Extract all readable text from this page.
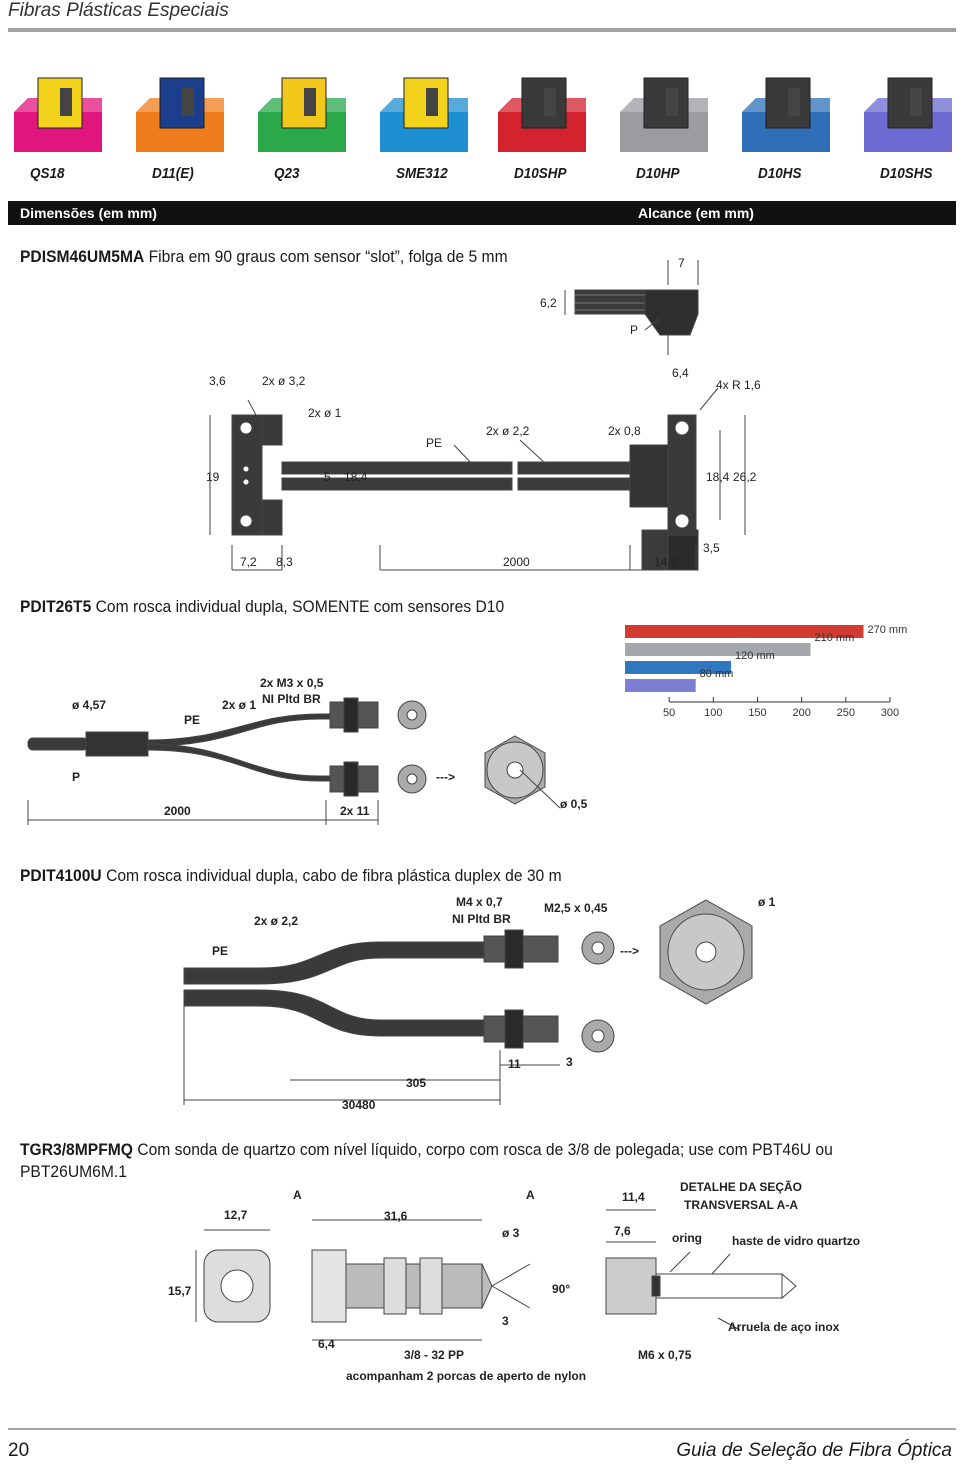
Fibras Plásticas Especiais
QS18	D11(E)	Q23	SME312	D10SHP	D10HP	D10HS	D10SHS
Dimensões (em mm)	Alcance (em mm)
PDISM46UM5MA Fibra em 90 graus com sensor “slot”, folga de 5 mm	7
6,2
P
3,6	2x ø 3,2
6,4
4x R 1,6
2x ø 1
PE
2x ø 2,2	2x 0,8
19	5 18,4	18,4 26,2
7,2 8,3	2000	14,5
3,5
PDIT26T5 Com rosca individual dupla, SOMENTE com sensores D10
ø 4,57
PE
2x ø 1
2x M3 x 0,5
NI Pltd BR
P	--->
2000	2x 11	ø 0,5
270 mm
210 mm
120 mm
80 mm
50	100 150 200 250 300
PDIT4100U Com rosca individual dupla, cabo de fibra plástica duplex de 30 m
2x ø 2,2
M4 x 0,7
NI Pltd BR
M2,5 x 0,45	ø 1
PE	--->
11	3
305
30480
TGR3/8MPFMQ Com sonda de quartzo com nível líquido, corpo com rosca de 3/8 de polegada; use com PBT46U ou
PBT26UM6M.1
A	A
12,7	31,6
ø 3
11,4
DETALHE DA SEÇÃO
TRANSVERSAL A-A
7,6	oring	haste de vidro quartzo
15,7	90°
3	Arruela de aço inox
6,4
3/8 - 32 PP	M6 x 0,75
acompanham 2 porcas de aperto de nylon
20	Guia de Seleção de Fibra Óptica
